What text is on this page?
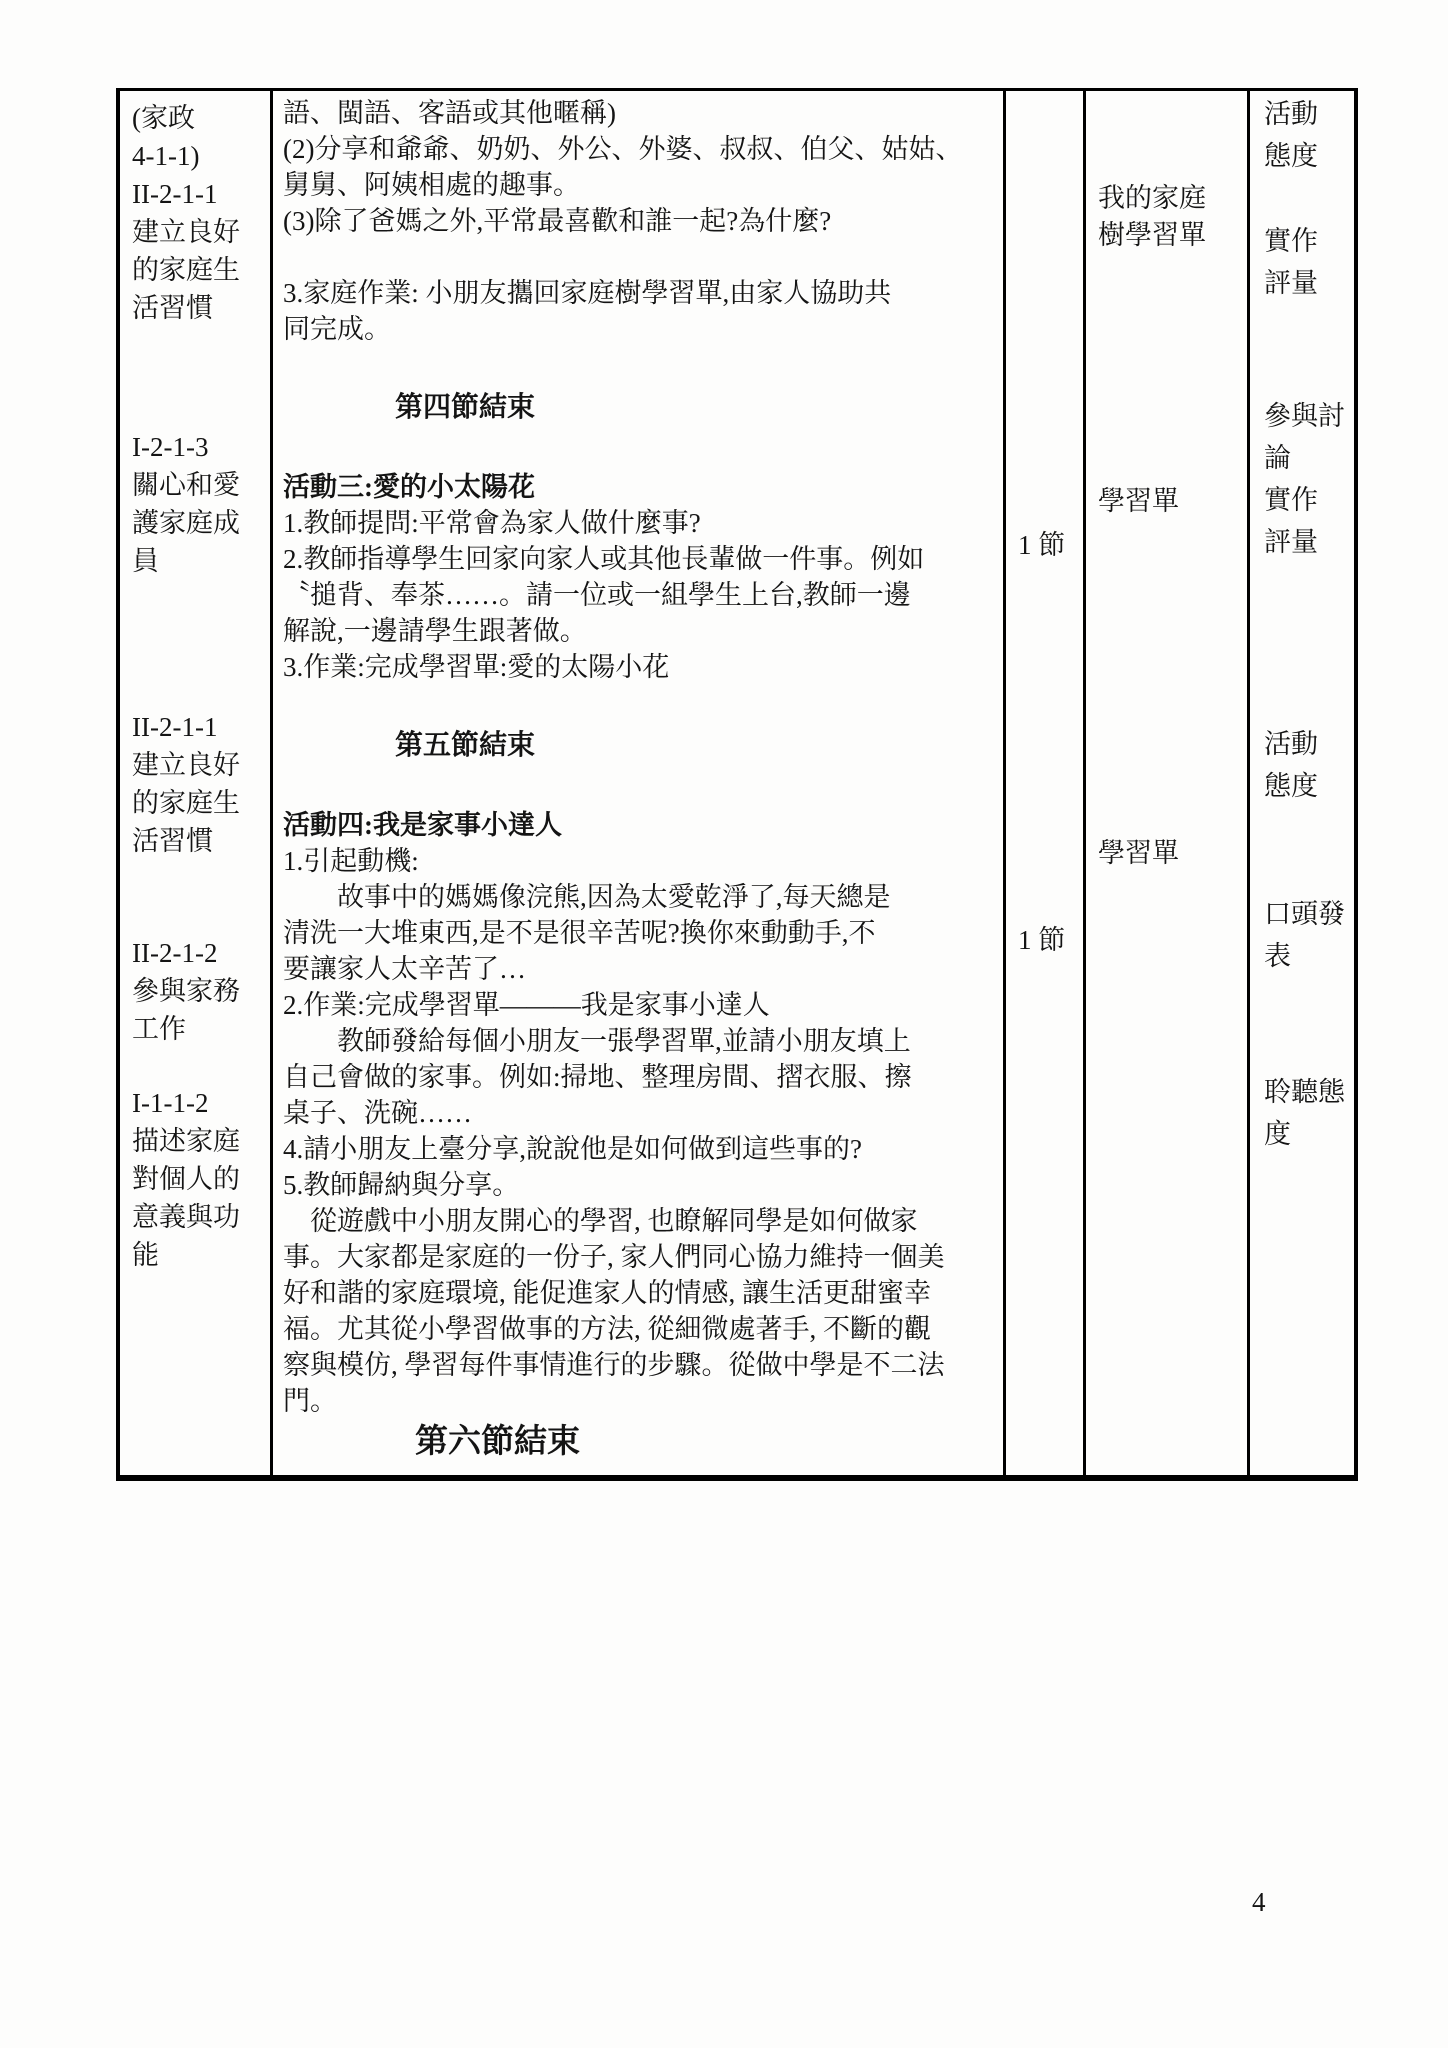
(家政
4-1-1)
II-2-1-1
建立良好
的家庭生
活習慣
I-2-1-3
關心和愛
護家庭成
員
II-2-1-1
建立良好
的家庭生
活習慣
II-2-1-2
參與家務
工作
I-1-1-2
描述家庭
對個人的
意義與功
能
語、閩語、客語或其他暱稱)
(2)分享和爺爺、奶奶、外公、外婆、叔叔、伯父、姑姑、
舅舅、阿姨相處的趣事。
(3)除了爸媽之外,平常最喜歡和誰一起?為什麼?
3.家庭作業: 小朋友攜回家庭樹學習單,由家人協助共
同完成。
　　　　第四節結束
活動三:愛的小太陽花
1.教師提問:平常會為家人做什麼事?
2.教師指導學生回家向家人或其他長輩做一件事。例如
〝搥背、奉茶……。請一位或一組學生上台,教師一邊
解說,一邊請學生跟著做。
3.作業:完成學習單:愛的太陽小花
　　　　第五節結束
活動四:我是家事小達人
1.引起動機:
　　故事中的媽媽像浣熊,因為太愛乾淨了,每天總是
清洗一大堆東西,是不是很辛苦呢?換你來動動手,不
要讓家人太辛苦了…
2.作業:完成學習單———我是家事小達人
　　教師發給每個小朋友一張學習單,並請小朋友填上
自己會做的家事。例如:掃地、整理房間、摺衣服、擦
桌子、洗碗……
4.請小朋友上臺分享,說說他是如何做到這些事的?
5.教師歸納與分享。
　從遊戲中小朋友開心的學習, 也瞭解同學是如何做家
事。大家都是家庭的一份子, 家人們同心協力維持一個美
好和諧的家庭環境, 能促進家人的情感, 讓生活更甜蜜幸
福。尤其從小學習做事的方法, 從細微處著手, 不斷的觀
察與模仿, 學習每件事情進行的步驟。從做中學是不二法
門。
　　　　第六節結束
1 節
1 節
我的家庭
樹學習單
學習單
學習單
活動
態度
實作
評量
參與討
論
實作
評量
活動
態度
口頭發
表
聆聽態
度
4
